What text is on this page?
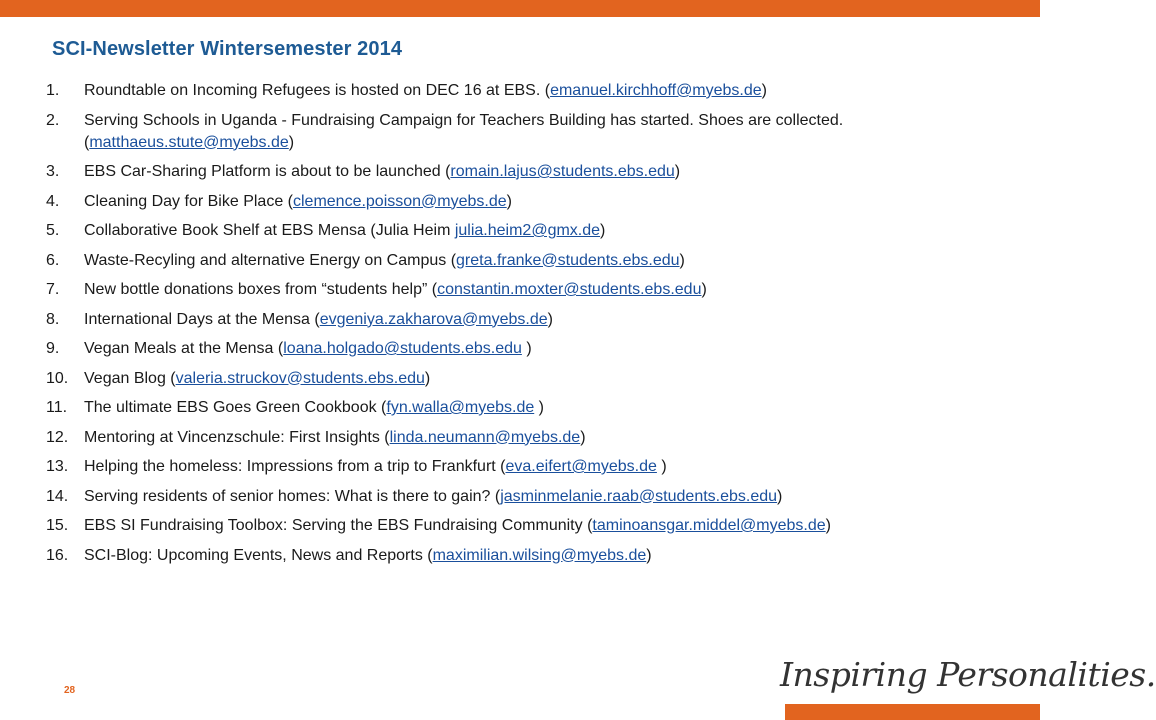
SCI-Newsletter Wintersemester 2014
1.	Roundtable on Incoming Refugees is hosted on DEC 16 at EBS. (emanuel.kirchhoff@myebs.de)
2.	Serving Schools in Uganda - Fundraising Campaign for Teachers Building has started. Shoes are collected. (matthaeus.stute@myebs.de)
3.	EBS Car-Sharing Platform is about to be launched (romain.lajus@students.ebs.edu)
4.	Cleaning Day for Bike Place (clemence.poisson@myebs.de)
5.	Collaborative Book Shelf at EBS Mensa (Julia Heim julia.heim2@gmx.de)
6.	Waste-Recyling and alternative Energy on Campus (greta.franke@students.ebs.edu)
7.	New bottle donations boxes from “students help” (constantin.moxter@students.ebs.edu)
8.	International Days at the Mensa (evgeniya.zakharova@myebs.de)
9.	Vegan Meals at the Mensa (loana.holgado@students.ebs.edu )
10. Vegan Blog (valeria.struckov@students.ebs.edu)
11.	The ultimate EBS Goes Green Cookbook (fyn.walla@myebs.de )
12. Mentoring at Vincenzschule: First Insights (linda.neumann@myebs.de)
13. Helping the homeless: Impressions from a trip to Frankfurt (eva.eifert@myebs.de )
14. Serving residents of senior homes: What is there to gain? (jasminmelanie.raab@students.ebs.edu)
15. EBS SI Fundraising Toolbox: Serving the EBS Fundraising Community (taminoansgar.middel@myebs.de)
16. SCI-Blog: Upcoming Events, News and Reports (maximilian.wilsing@myebs.de)
28	Inspiring Personalities.
